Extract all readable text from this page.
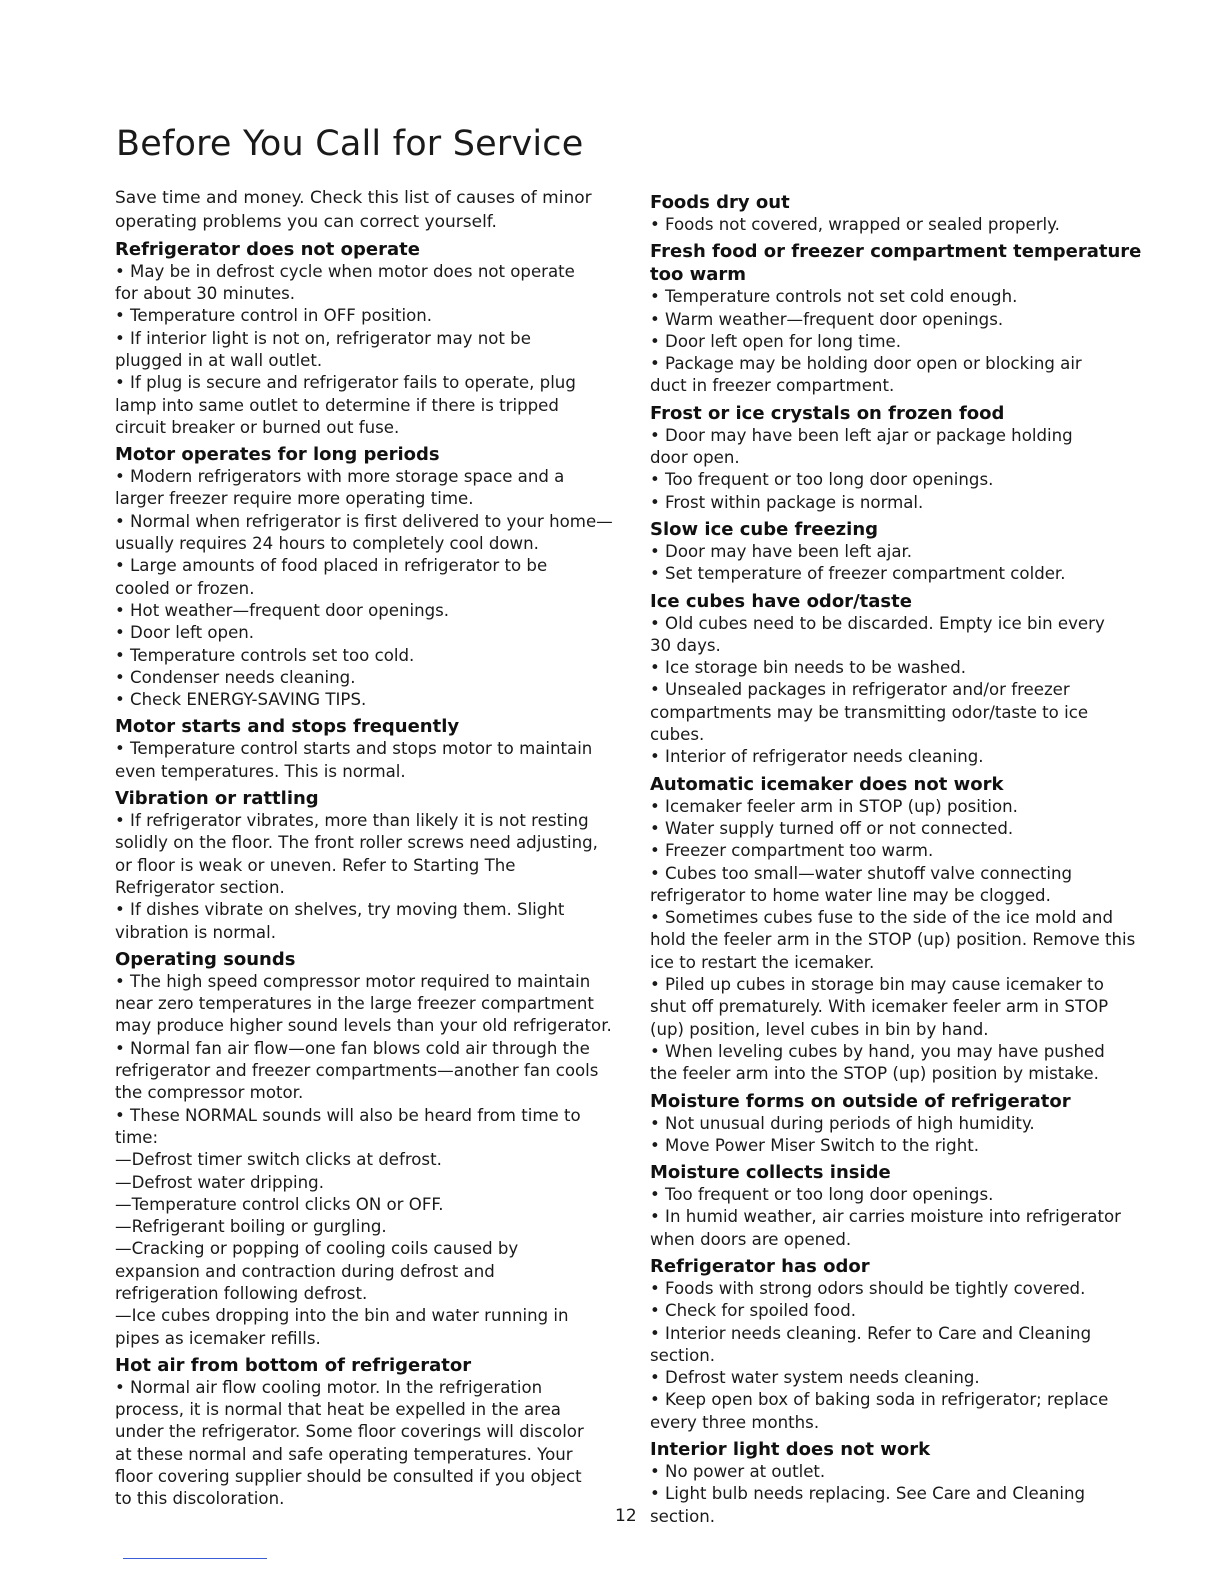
Before You Call for Service

Save time and money. Check this list of causes of minor

operating problems you can correct yourself.

Refrigerator does not operate

• May be in defrost cycle when motor does not operate

for about 30 minutes.

• Temperature control in OFF position.

• If interior light is not on, refrigerator may not be

plugged in at wall outlet.

• If plug is secure and refrigerator fails to operate, plug

lamp into same outlet to determine if there is tripped

circuit breaker or burned out fuse.

Motor operates for long periods

• Modern refrigerators with more storage space and a

larger freezer require more operating time.

• Normal when refrigerator is first delivered to your home—

usually requires 24 hours to completely cool down.

• Large amounts of food placed in refrigerator to be

cooled or frozen.

• Hot weather—frequent door openings.

• Door left open.

• Temperature controls set too cold.

• Condenser needs cleaning.

• Check ENERGY-SAVING TIPS.

Motor starts and stops frequently

• Temperature control starts and stops motor to maintain

even temperatures. This is normal.

Vibration or rattling

• If refrigerator vibrates, more than likely it is not resting

solidly on the floor. The front roller screws need adjusting,

or floor is weak or uneven. Refer to Starting The

Refrigerator section.

• If dishes vibrate on shelves, try moving them. Slight

vibration is normal.

Operating sounds

• The high speed compressor motor required to maintain

near zero temperatures in the large freezer compartment

may produce higher sound levels than your old refrigerator.

• Normal fan air flow—one fan blows cold air through the

refrigerator and freezer compartments—another fan cools

the compressor motor.

• These NORMAL sounds will also be heard from time to

time:

—Defrost timer switch clicks at defrost.

—Defrost water dripping.

—Temperature control clicks ON or OFF.

—Refrigerant boiling or gurgling.

—Cracking or popping of cooling coils caused by

expansion and contraction during defrost and

refrigeration following defrost.

—Ice cubes dropping into the bin and water running in

pipes as icemaker refills.

Hot air from bottom of refrigerator

• Normal air flow cooling motor. In the refrigeration

process, it is normal that heat be expelled in the area

under the refrigerator. Some floor coverings will discolor

at these normal and safe operating temperatures. Your

floor covering supplier should be consulted if you object

to this discoloration.

Foods dry out

• Foods not covered, wrapped or sealed properly.

Fresh food or freezer compartment temperature too warm

• Temperature controls not set cold enough.

• Warm weather—frequent door openings.

• Door left open for long time.

• Package may be holding door open or blocking air

duct in freezer compartment.

Frost or ice crystals on frozen food

• Door may have been left ajar or package holding

door open.

• Too frequent or too long door openings.

• Frost within package is normal.

Slow ice cube freezing

• Door may have been left ajar.

• Set temperature of freezer compartment colder.

Ice cubes have odor/taste

• Old cubes need to be discarded. Empty ice bin every

30 days.

• Ice storage bin needs to be washed.

• Unsealed packages in refrigerator and/or freezer

compartments may be transmitting odor/taste to ice

cubes.

• Interior of refrigerator needs cleaning.

Automatic icemaker does not work

• Icemaker feeler arm in STOP (up) position.

• Water supply turned off or not connected.

• Freezer compartment too warm.

• Cubes too small—water shutoff valve connecting

refrigerator to home water line may be clogged.

• Sometimes cubes fuse to the side of the ice mold and

hold the feeler arm in the STOP (up) position. Remove this

ice to restart the icemaker.

• Piled up cubes in storage bin may cause icemaker to

shut off prematurely. With icemaker feeler arm in STOP

(up) position, level cubes in bin by hand.

• When leveling cubes by hand, you may have pushed

the feeler arm into the STOP (up) position by mistake.

Moisture forms on outside of refrigerator

• Not unusual during periods of high humidity.

• Move Power Miser Switch to the right.

Moisture collects inside

• Too frequent or too long door openings.

• In humid weather, air carries moisture into refrigerator

when doors are opened.

Refrigerator has odor

• Foods with strong odors should be tightly covered.

• Check for spoiled food.

• Interior needs cleaning. Refer to Care and Cleaning section.

• Defrost water system needs cleaning.

• Keep open box of baking soda in refrigerator; replace

every three months.

Interior light does not work

• No power at outlet.

• Light bulb needs replacing. See Care and Cleaning section.

12
